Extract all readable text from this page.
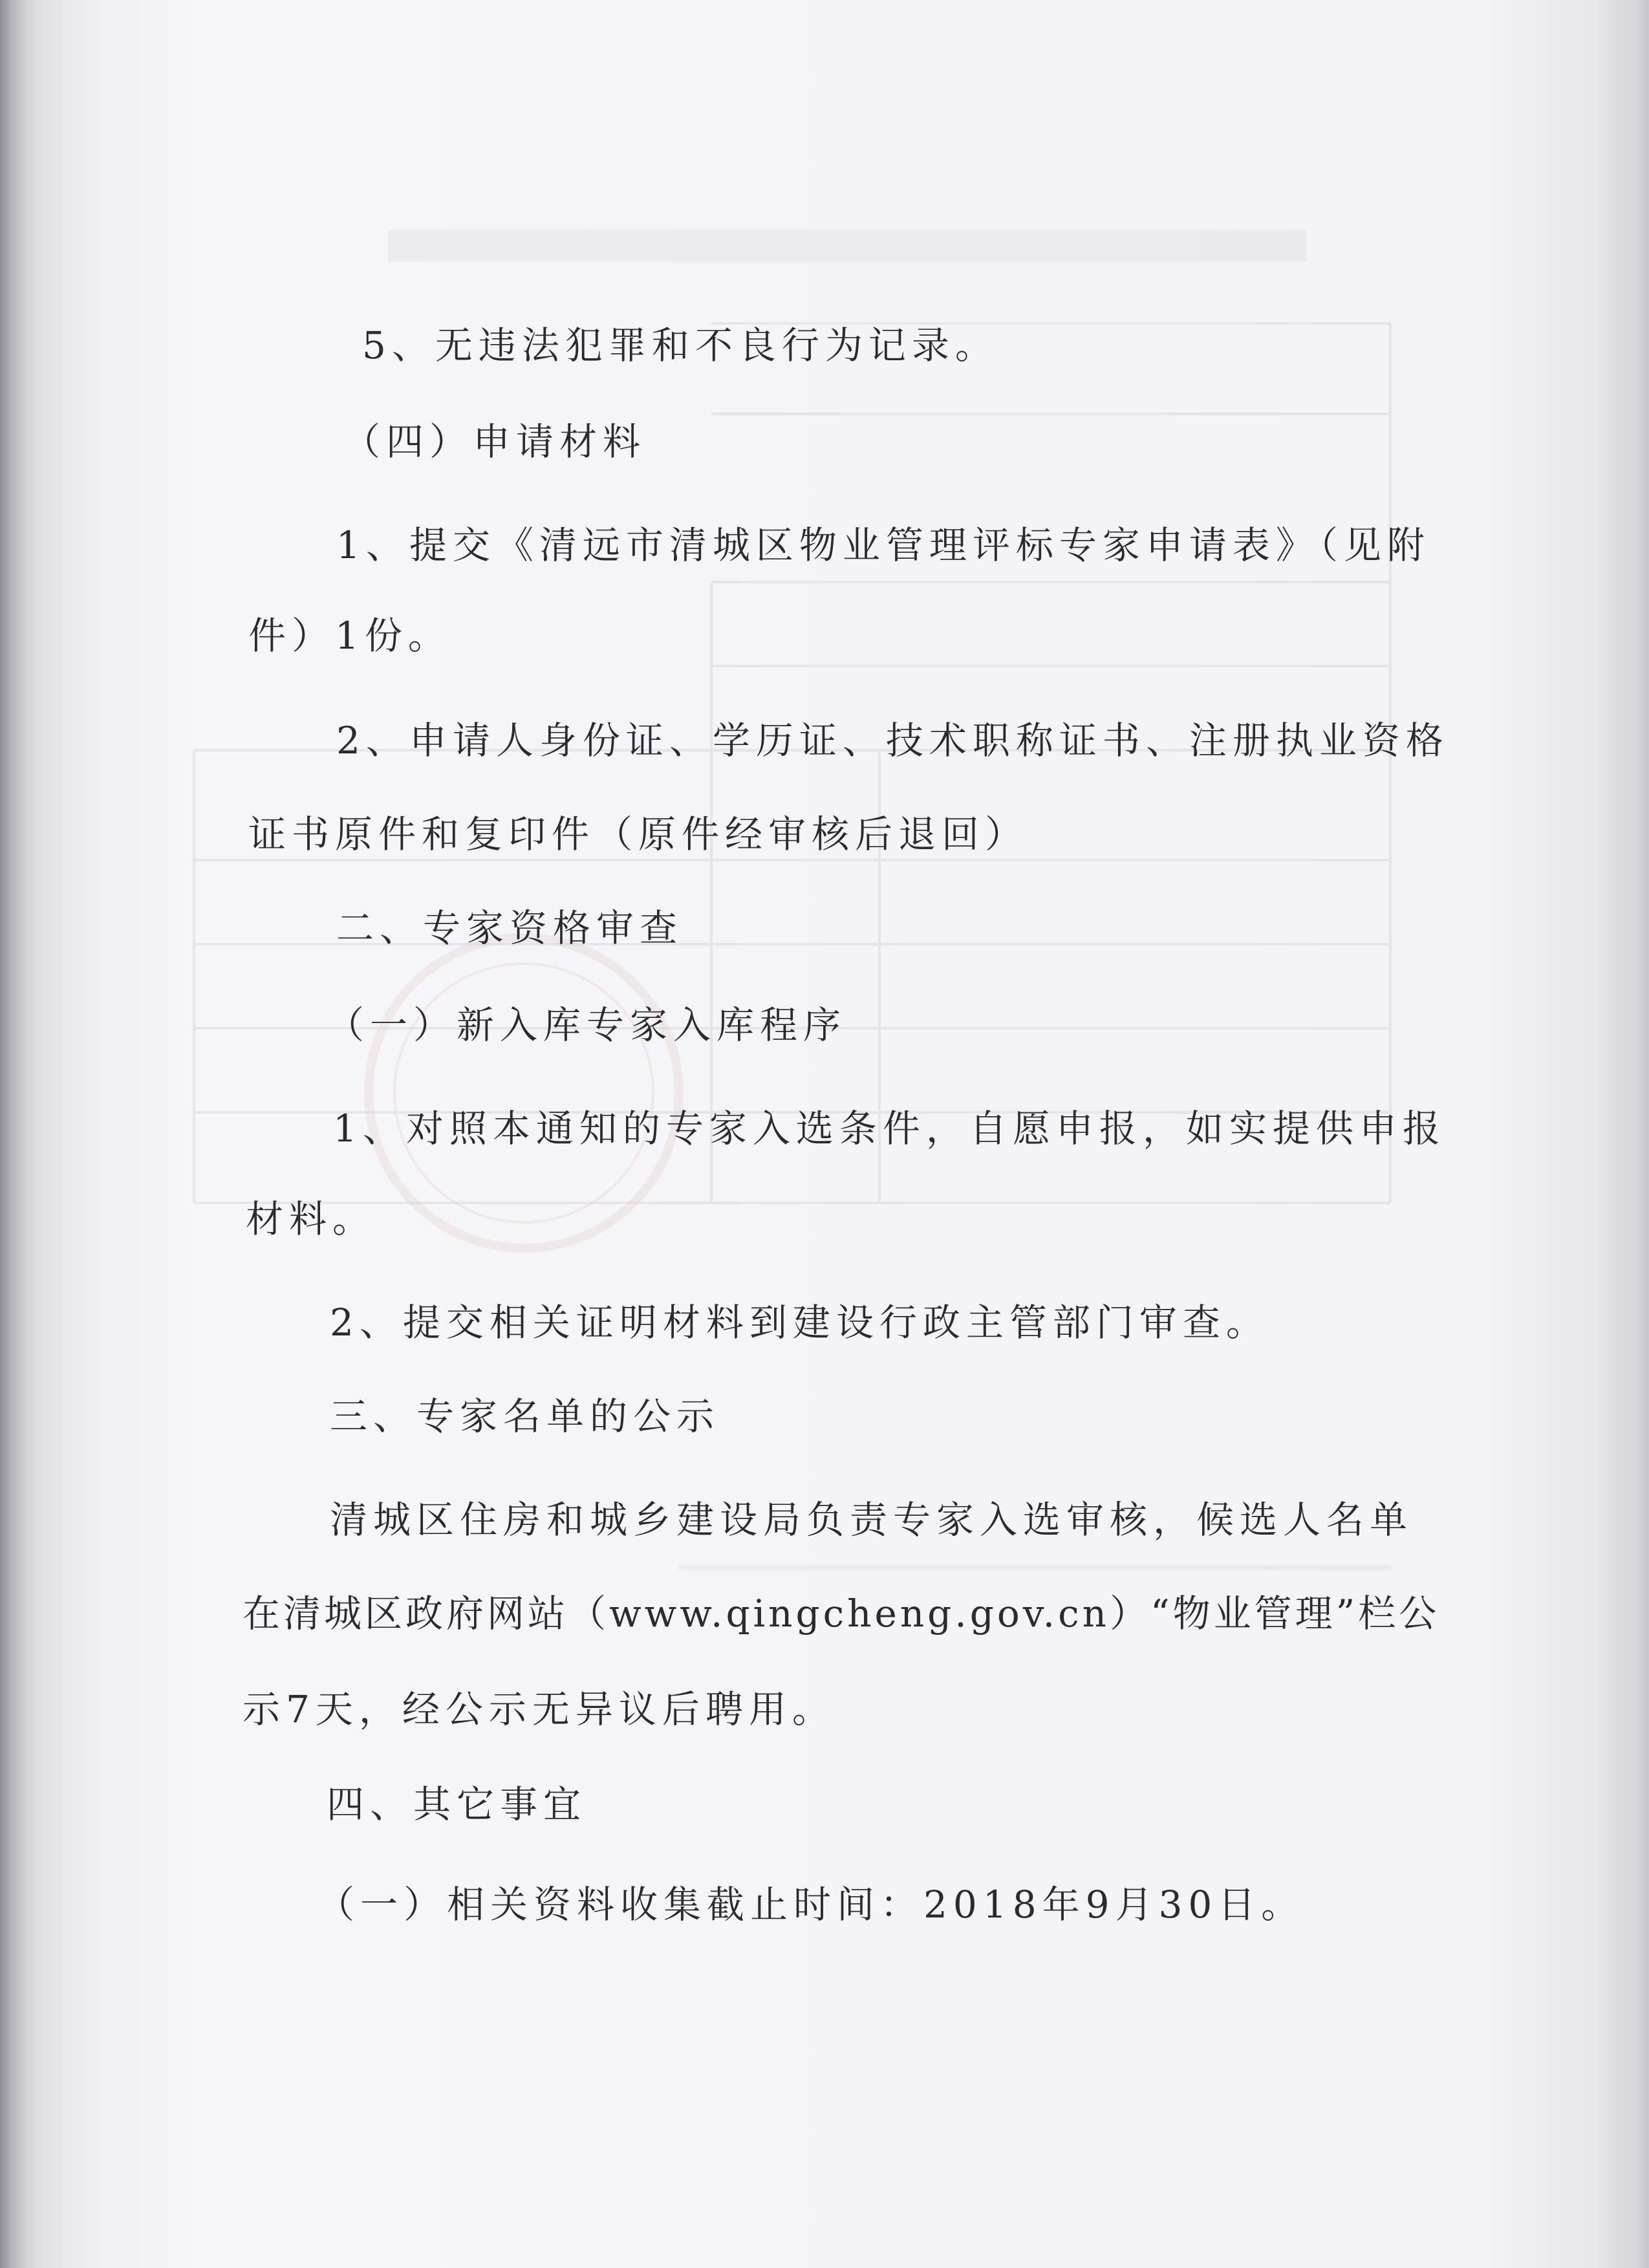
5、无违法犯罪和不良行为记录。
（四）申请材料
1、提交《清远市清城区物业管理评标专家申请表》（见附
件）1份。
2、申请人身份证、学历证、技术职称证书、注册执业资格
证书原件和复印件（原件经审核后退回）
二、专家资格审查
（一）新入库专家入库程序
1、对照本通知的专家入选条件，自愿申报，如实提供申报
材料。
2、提交相关证明材料到建设行政主管部门审查。
三、专家名单的公示
清城区住房和城乡建设局负责专家入选审核，候选人名单
在清城区政府网站（www.qingcheng.gov.cn）“物业管理”栏公
示7天，经公示无异议后聘用。
四、其它事宜
（一）相关资料收集截止时间：2018年9月30日。
